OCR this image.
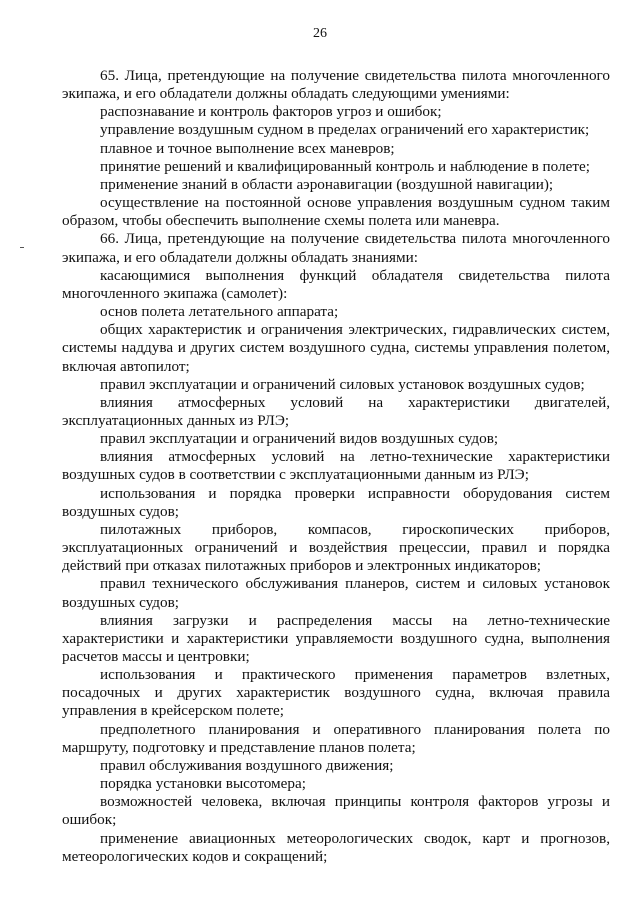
26

65. Лица, претендующие на получение свидетельства пилота многочленного экипажа, и его обладатели должны обладать следующими умениями:

распознавание и контроль факторов угроз и ошибок;

управление воздушным судном в пределах ограничений его характеристик;

плавное и точное выполнение всех маневров;

принятие решений и квалифицированный контроль и наблюдение в полете;

применение знаний в области аэронавигации (воздушной навигации);

осуществление на постоянной основе управления воздушным судном таким образом, чтобы обеспечить выполнение схемы полета или маневра.

66. Лица, претендующие на получение свидетельства пилота многочленного экипажа, и его обладатели должны обладать знаниями:

касающимися выполнения функций обладателя свидетельства пилота многочленного экипажа (самолет):

основ полета летательного аппарата;

общих характеристик и ограничения электрических, гидравлических систем, системы наддува и других систем воздушного судна, системы управления полетом, включая автопилот;

правил эксплуатации и ограничений силовых установок воздушных судов;

влияния атмосферных условий на характеристики двигателей, эксплуатационных данных из РЛЭ;

правил эксплуатации и ограничений видов воздушных судов;

влияния атмосферных условий на летно-технические характеристики воздушных судов в соответствии с эксплуатационными данным из РЛЭ;

использования и порядка проверки исправности оборудования систем воздушных судов;

пилотажных приборов, компасов, гироскопических приборов, эксплуатационных ограничений и воздействия прецессии, правил и порядка действий при отказах пилотажных приборов и электронных индикаторов;

правил технического обслуживания планеров, систем и силовых установок воздушных судов;

влияния загрузки и распределения массы на летно-технические характеристики и характеристики управляемости воздушного судна, выполнения расчетов массы и центровки;

использования и практического применения параметров взлетных, посадочных и других характеристик воздушного судна, включая правила управления в крейсерском полете;

предполетного планирования и оперативного планирования полета по маршруту, подготовку и представление планов полета;

правил обслуживания воздушного движения;

порядка установки высотомера;

возможностей человека, включая принципы контроля факторов угрозы и ошибок;

применение авиационных метеорологических сводок, карт и прогнозов, метеорологических кодов и сокращений;
